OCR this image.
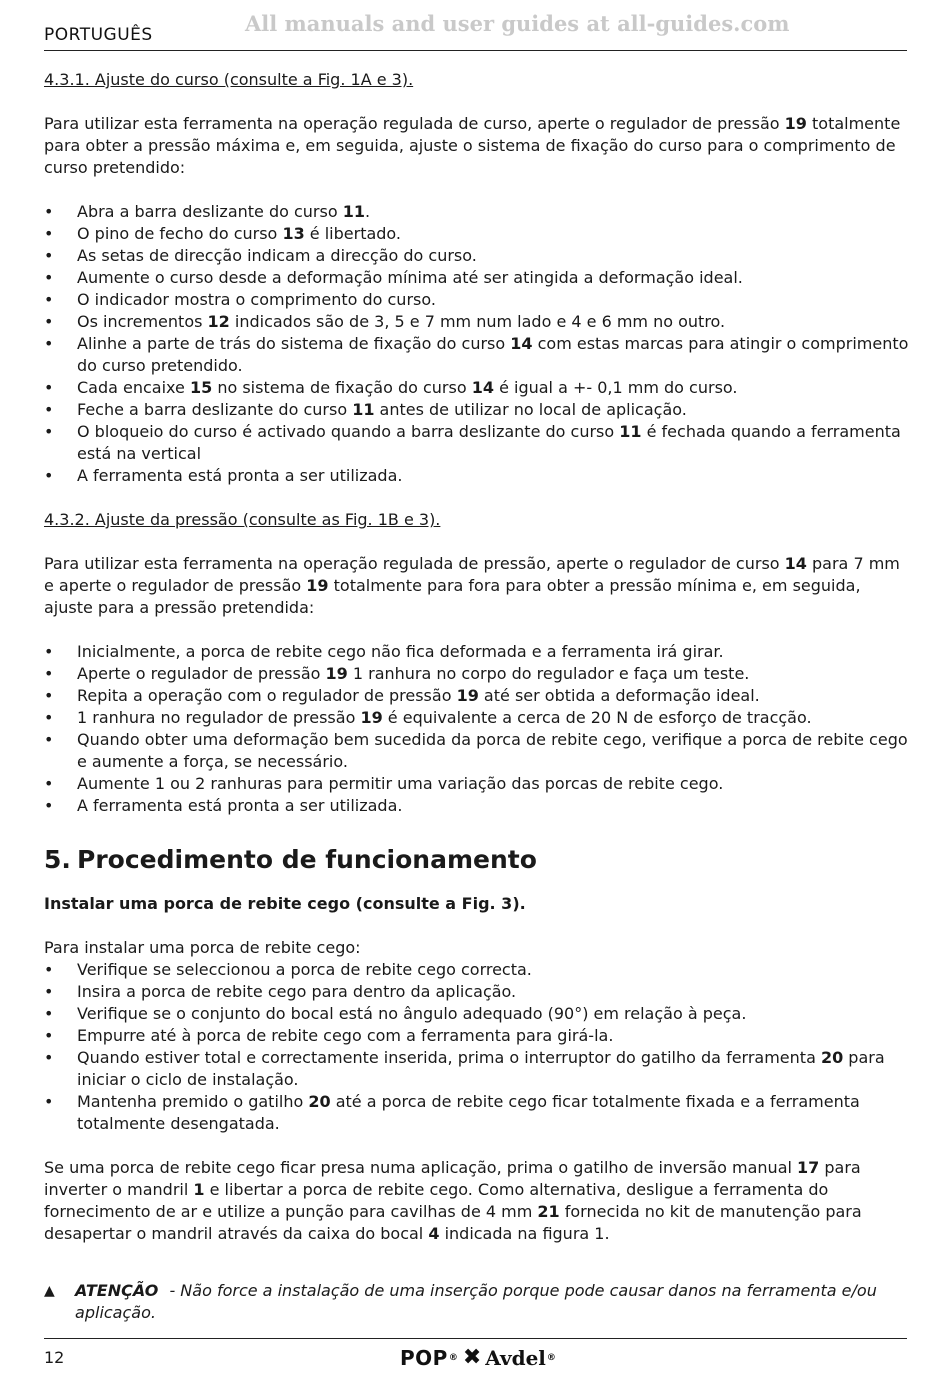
PORTUGUÊS	All manuals and user guides at all-guides.com

4.3.1. Ajuste do curso (consulte a Fig. 1A e 3).

Para utilizar esta ferramenta na operação regulada de curso, aperte o regulador de pressão 19 totalmente para obter a pressão máxima e, em seguida, ajuste o sistema de fixação do curso para o comprimento de curso pretendido:

• Abra a barra deslizante do curso 11.
• O pino de fecho do curso 13 é libertado.
• As setas de direcção indicam a direcção do curso.
• Aumente o curso desde a deformação mínima até ser atingida a deformação ideal.
• O indicador mostra o comprimento do curso.
• Os incrementos 12 indicados são de 3, 5 e 7 mm num lado e 4 e 6 mm no outro.
• Alinhe a parte de trás do sistema de fixação do curso 14 com estas marcas para atingir o comprimento do curso pretendido.
• Cada encaixe 15 no sistema de fixação do curso 14 é igual a +- 0,1 mm do curso.
• Feche a barra deslizante do curso 11 antes de utilizar no local de aplicação.
• O bloqueio do curso é activado quando a barra deslizante do curso 11 é fechada quando a ferramenta está na vertical
• A ferramenta está pronta a ser utilizada.

4.3.2. Ajuste da pressão (consulte as Fig. 1B e 3).

Para utilizar esta ferramenta na operação regulada de pressão, aperte o regulador de curso 14 para 7 mm e aperte o regulador de pressão 19 totalmente para fora para obter a pressão mínima e, em seguida, ajuste para a pressão pretendida:

• Inicialmente, a porca de rebite cego não fica deformada e a ferramenta irá girar.
• Aperte o regulador de pressão 19 1 ranhura no corpo do regulador e faça um teste.
• Repita a operação com o regulador de pressão 19 até ser obtida a deformação ideal.
• 1 ranhura no regulador de pressão 19 é equivalente a cerca de 20 N de esforço de tracção.
• Quando obter uma deformação bem sucedida da porca de rebite cego, verifique a porca de rebite cego e aumente a força, se necessário.
• Aumente 1 ou 2 ranhuras para permitir uma variação das porcas de rebite cego.
• A ferramenta está pronta a ser utilizada.
5. Procedimento de funcionamento

Instalar uma porca de rebite cego (consulte a Fig. 3).

Para instalar uma porca de rebite cego:

• Verifique se seleccionou a porca de rebite cego correcta.
• Insira a porca de rebite cego para dentro da aplicação.
• Verifique se o conjunto do bocal está no ângulo adequado (90°) em relação à peça.
• Empurre até à porca de rebite cego com a ferramenta para girá-la.
• Quando estiver total e correctamente inserida, prima o interruptor do gatilho da ferramenta 20 para iniciar o ciclo de instalação.
• Mantenha premido o gatilho 20 até a porca de rebite cego ficar totalmente fixada e a ferramenta totalmente desengatada.

Se uma porca de rebite cego ficar presa numa aplicação, prima o gatilho de inversão manual 17 para inverter o mandril 1 e libertar a porca de rebite cego. Como alternativa, desligue a ferramenta do fornecimento de ar e utilize a punção para cavilhas de 4 mm 21 fornecida no kit de manutenção para desapertar o mandril através da caixa do bocal 4 indicada na figura 1.

▲	ATENÇÃO - Não force a instalação de uma inserção porque pode causar danos na ferramenta e/ou aplicação.
12	POP ® ✖ Avdel ®
